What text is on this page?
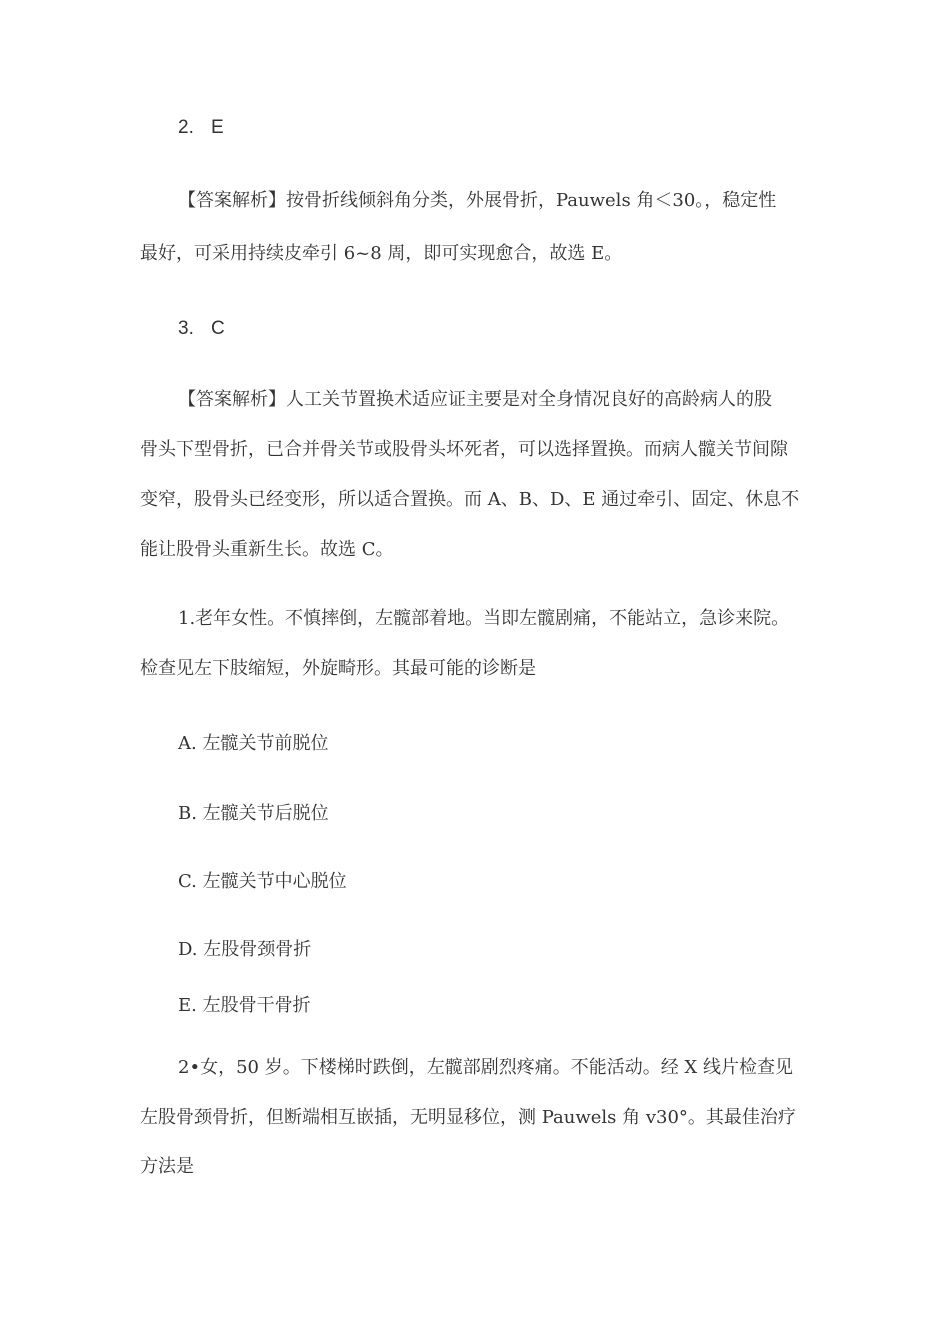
2. E
【答案解析】按骨折线倾斜角分类，外展骨折，Pauwels 角＜30。，稳定性
最好，可采用持续皮牵引 6~8 周，即可实现愈合，故选 E。
3. C
【答案解析】人工关节置换术适应证主要是对全身情况良好的高龄病人的股
骨头下型骨折，已合并骨关节或股骨头坏死者，可以选择置换。而病人髋关节间隙
变窄，股骨头已经变形，所以适合置换。而 A、B、D、E 通过牵引、固定、休息不
能让股骨头重新生长。故选 C。
1.老年女性。不慎摔倒，左髋部着地。当即左髋剧痛，不能站立，急诊来院。
检查见左下肢缩短，外旋畸形。其最可能的诊断是
A. 左髋关节前脱位
B. 左髋关节后脱位
C. 左髋关节中心脱位
D. 左股骨颈骨折
E. 左股骨干骨折
2•女，50 岁。下楼梯时跌倒，左髋部剧烈疼痛。不能活动。经 X 线片检查见
左股骨颈骨折，但断端相互嵌插，无明显移位，测 Pauwels 角 v30°。其最佳治疗
方法是
